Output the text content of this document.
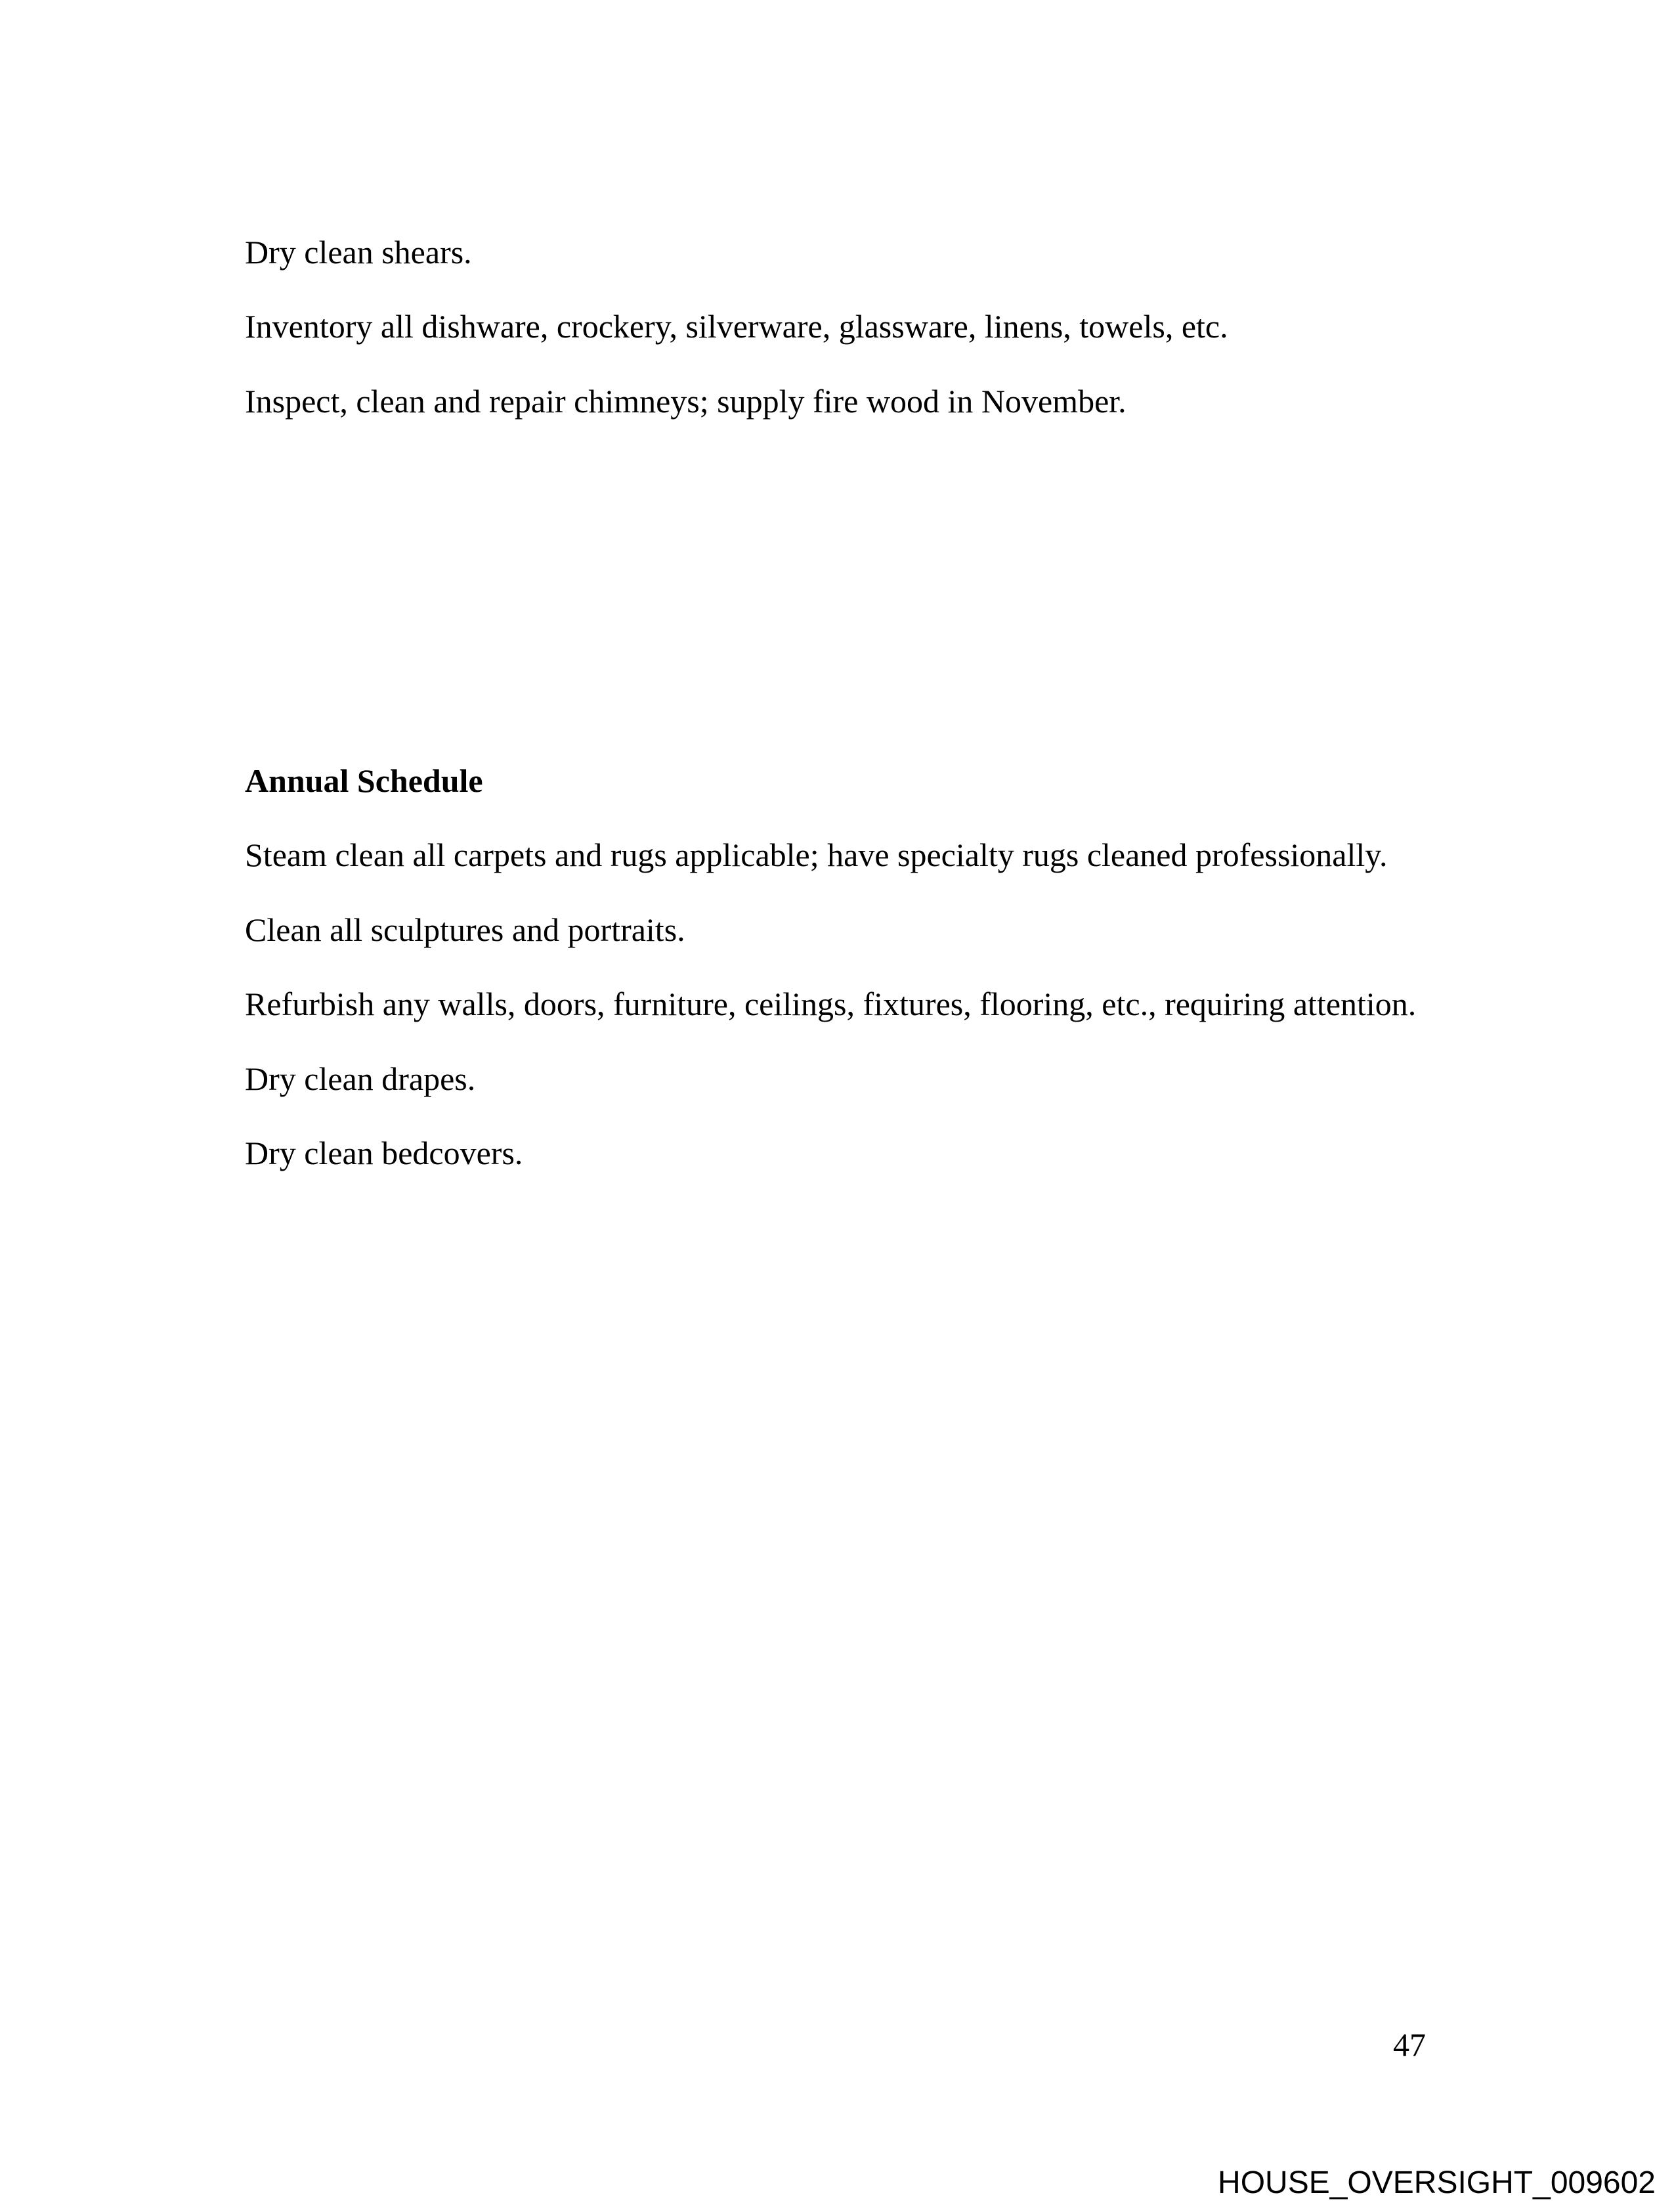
Dry clean shears.
Inventory all dishware, crockery, silverware, glassware, linens, towels, etc.
Inspect, clean and repair chimneys; supply fire wood in November.
Annual Schedule
Steam clean all carpets and rugs applicable; have specialty rugs cleaned professionally.
Clean all sculptures and portraits.
Refurbish any walls, doors, furniture, ceilings, fixtures, flooring, etc., requiring attention.
Dry clean drapes.
Dry clean bedcovers.
47
HOUSE_OVERSIGHT_009602
